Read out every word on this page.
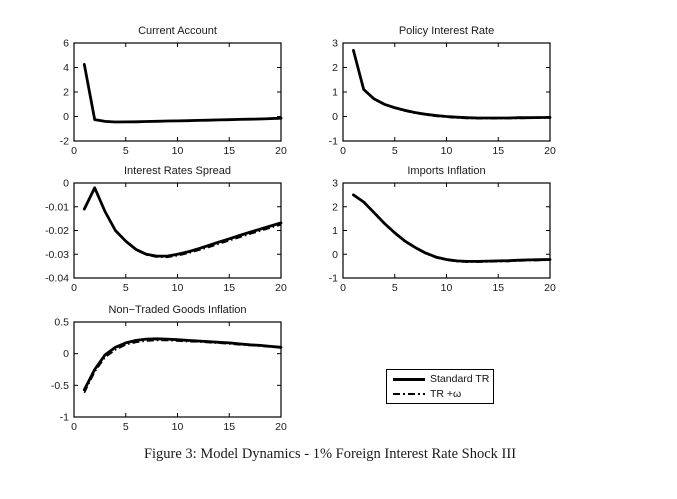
0	5	10	15	20
-2
0
2
4
6
Current Account
0	5	10	15	20
-1
0
1
2
3
Policy Interest Rate
0	5	10	15	20
-0.04
-0.03
-0.02
-0.01
0
Interest Rates Spread
0	5	10	15	20
-1
0
1
2
3
Imports Inflation
0	5	10	15	20
-1
-0.5
0
0.5
Non−Traded Goods Inflation
Standard TR
TR +ω
Figure 3: Model Dynamics - 1% Foreign Interest Rate Shock III
